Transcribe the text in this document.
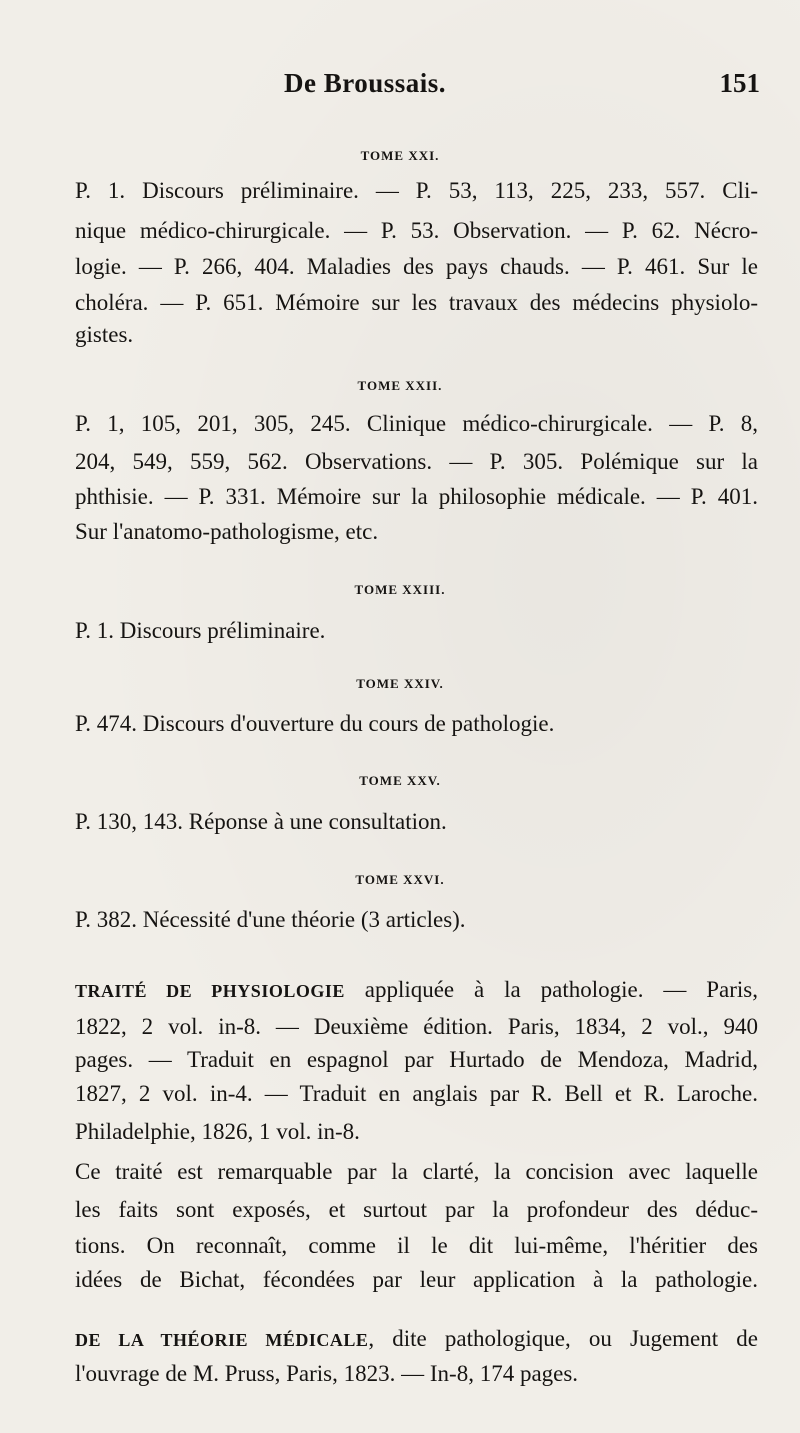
De Broussais.	151
TOME XXI.
P. 1. Discours préliminaire. — P. 53, 113, 225, 233, 557. Cli-
nique médico-chirurgicale. — P. 53. Observation. — P. 62. Nécro-
logie. — P. 266, 404. Maladies des pays chauds. — P. 461. Sur le
choléra. — P. 651. Mémoire sur les travaux des médecins physiolo-
gistes.
TOME XXII.
P. 1, 105, 201, 305, 245. Clinique médico-chirurgicale. — P. 8,
204, 549, 559, 562. Observations. — P. 305. Polémique sur la
phthisie. — P. 331. Mémoire sur la philosophie médicale. — P. 401.
Sur l'anatomo-pathologisme, etc.
TOME XXIII.
P. 1. Discours préliminaire.
TOME XXIV.
P. 474. Discours d'ouverture du cours de pathologie.
TOME XXV.
P. 130, 143. Réponse à une consultation.
TOME XXVI.
P. 382. Nécessité d'une théorie (3 articles).
TRAITÉ DE PHYSIOLOGIE appliquée à la pathologie. — Paris,
1822, 2 vol. in-8. — Deuxième édition. Paris, 1834, 2 vol., 940
pages. — Traduit en espagnol par Hurtado de Mendoza, Madrid,
1827, 2 vol. in-4. — Traduit en anglais par R. Bell et R. Laroche.
Philadelphie, 1826, 1 vol. in-8.
Ce traité est remarquable par la clarté, la concision avec laquelle
les faits sont exposés, et surtout par la profondeur des déduc-
tions. On reconnaît, comme il le dit lui-même, l'héritier des
idées de Bichat, fécondées par leur application à la pathologie.
DE LA THÉORIE MÉDICALE, dite pathologique, ou Jugement de
l'ouvrage de M. Pruss, Paris, 1823. — In-8, 174 pages.
